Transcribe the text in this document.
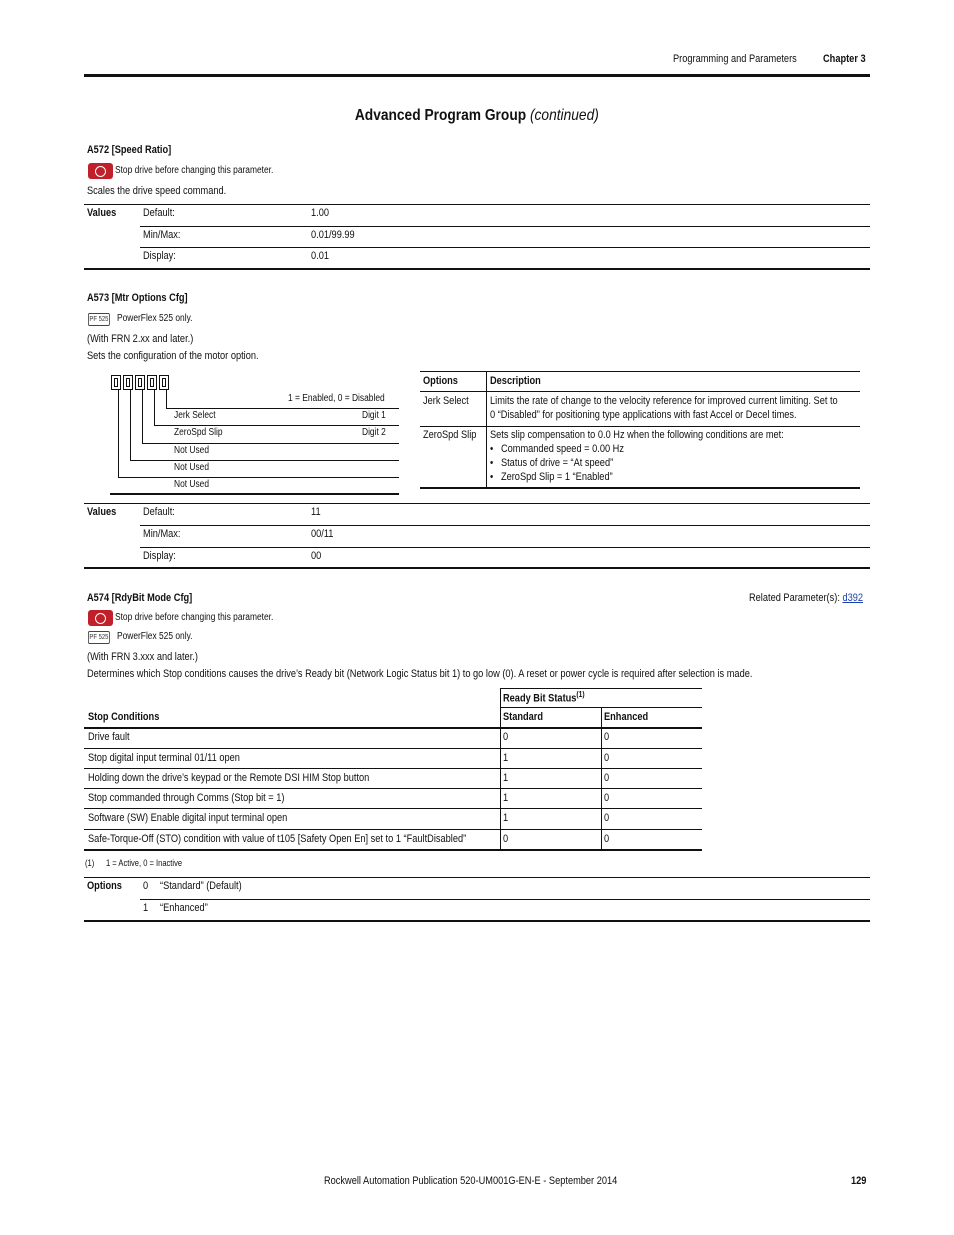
Programming and Parameters Chapter 3
Advanced Program Group (continued)
A572 [Speed Ratio]
Stop drive before changing this parameter.
Scales the drive speed command.
Values Default:	1.00
Min/Max:	0.01/99.99
Display:	0.01
A573 [Mtr Options Cfg]
PF 525 PowerFlex 525 only.
(With FRN 2.xx and later.)
Sets the configuration of the motor option.
1 = Enabled, 0 = Disabled
Jerk Select	Digit 1
ZeroSpd Slip	Digit 2
Not Used
Not Used
Not Used
Options	Description
Jerk Select Limits the rate of change to the velocity reference for improved current limiting. Set to
0 “Disabled” for positioning type applications with fast Accel or Decel times.
ZeroSpd Slip Sets slip compensation to 0.0 Hz when the following conditions are met:
•   Commanded speed = 0.00 Hz
•   Status of drive = “At speed”
•   ZeroSpd Slip = 1 “Enabled”
Values Default:	11
Min/Max:	00/11
Display:	00
A574 [RdyBit Mode Cfg]	Related Parameter(s): d392
Stop drive before changing this parameter.
PF 525 PowerFlex 525 only.
(With FRN 3.xxx and later.)
Determines which Stop conditions causes the drive’s Ready bit (Network Logic Status bit 1) to go low (0). A reset or power cycle is required after selection is made.
Ready Bit Status$^{(1)}$
Stop Conditions	Standard	Enhanced
Drive fault	0	0
Stop digital input terminal 01/11 open	1	0
Holding down the drive’s keypad or the Remote DSI HIM Stop button	1	0
Stop commanded through Comms (Stop bit = 1)	1	0
Software (SW) Enable digital input terminal open	1	0
Safe-Torque-Off (STO) condition with value of t105 [Safety Open En] set to 1 “FaultDisabled”	0	0
(1) 1 = Active, 0 = Inactive
Options 0 “Standard” (Default)
1 “Enhanced”
Rockwell Automation Publication 520-UM001G-EN-E - September 2014	129
